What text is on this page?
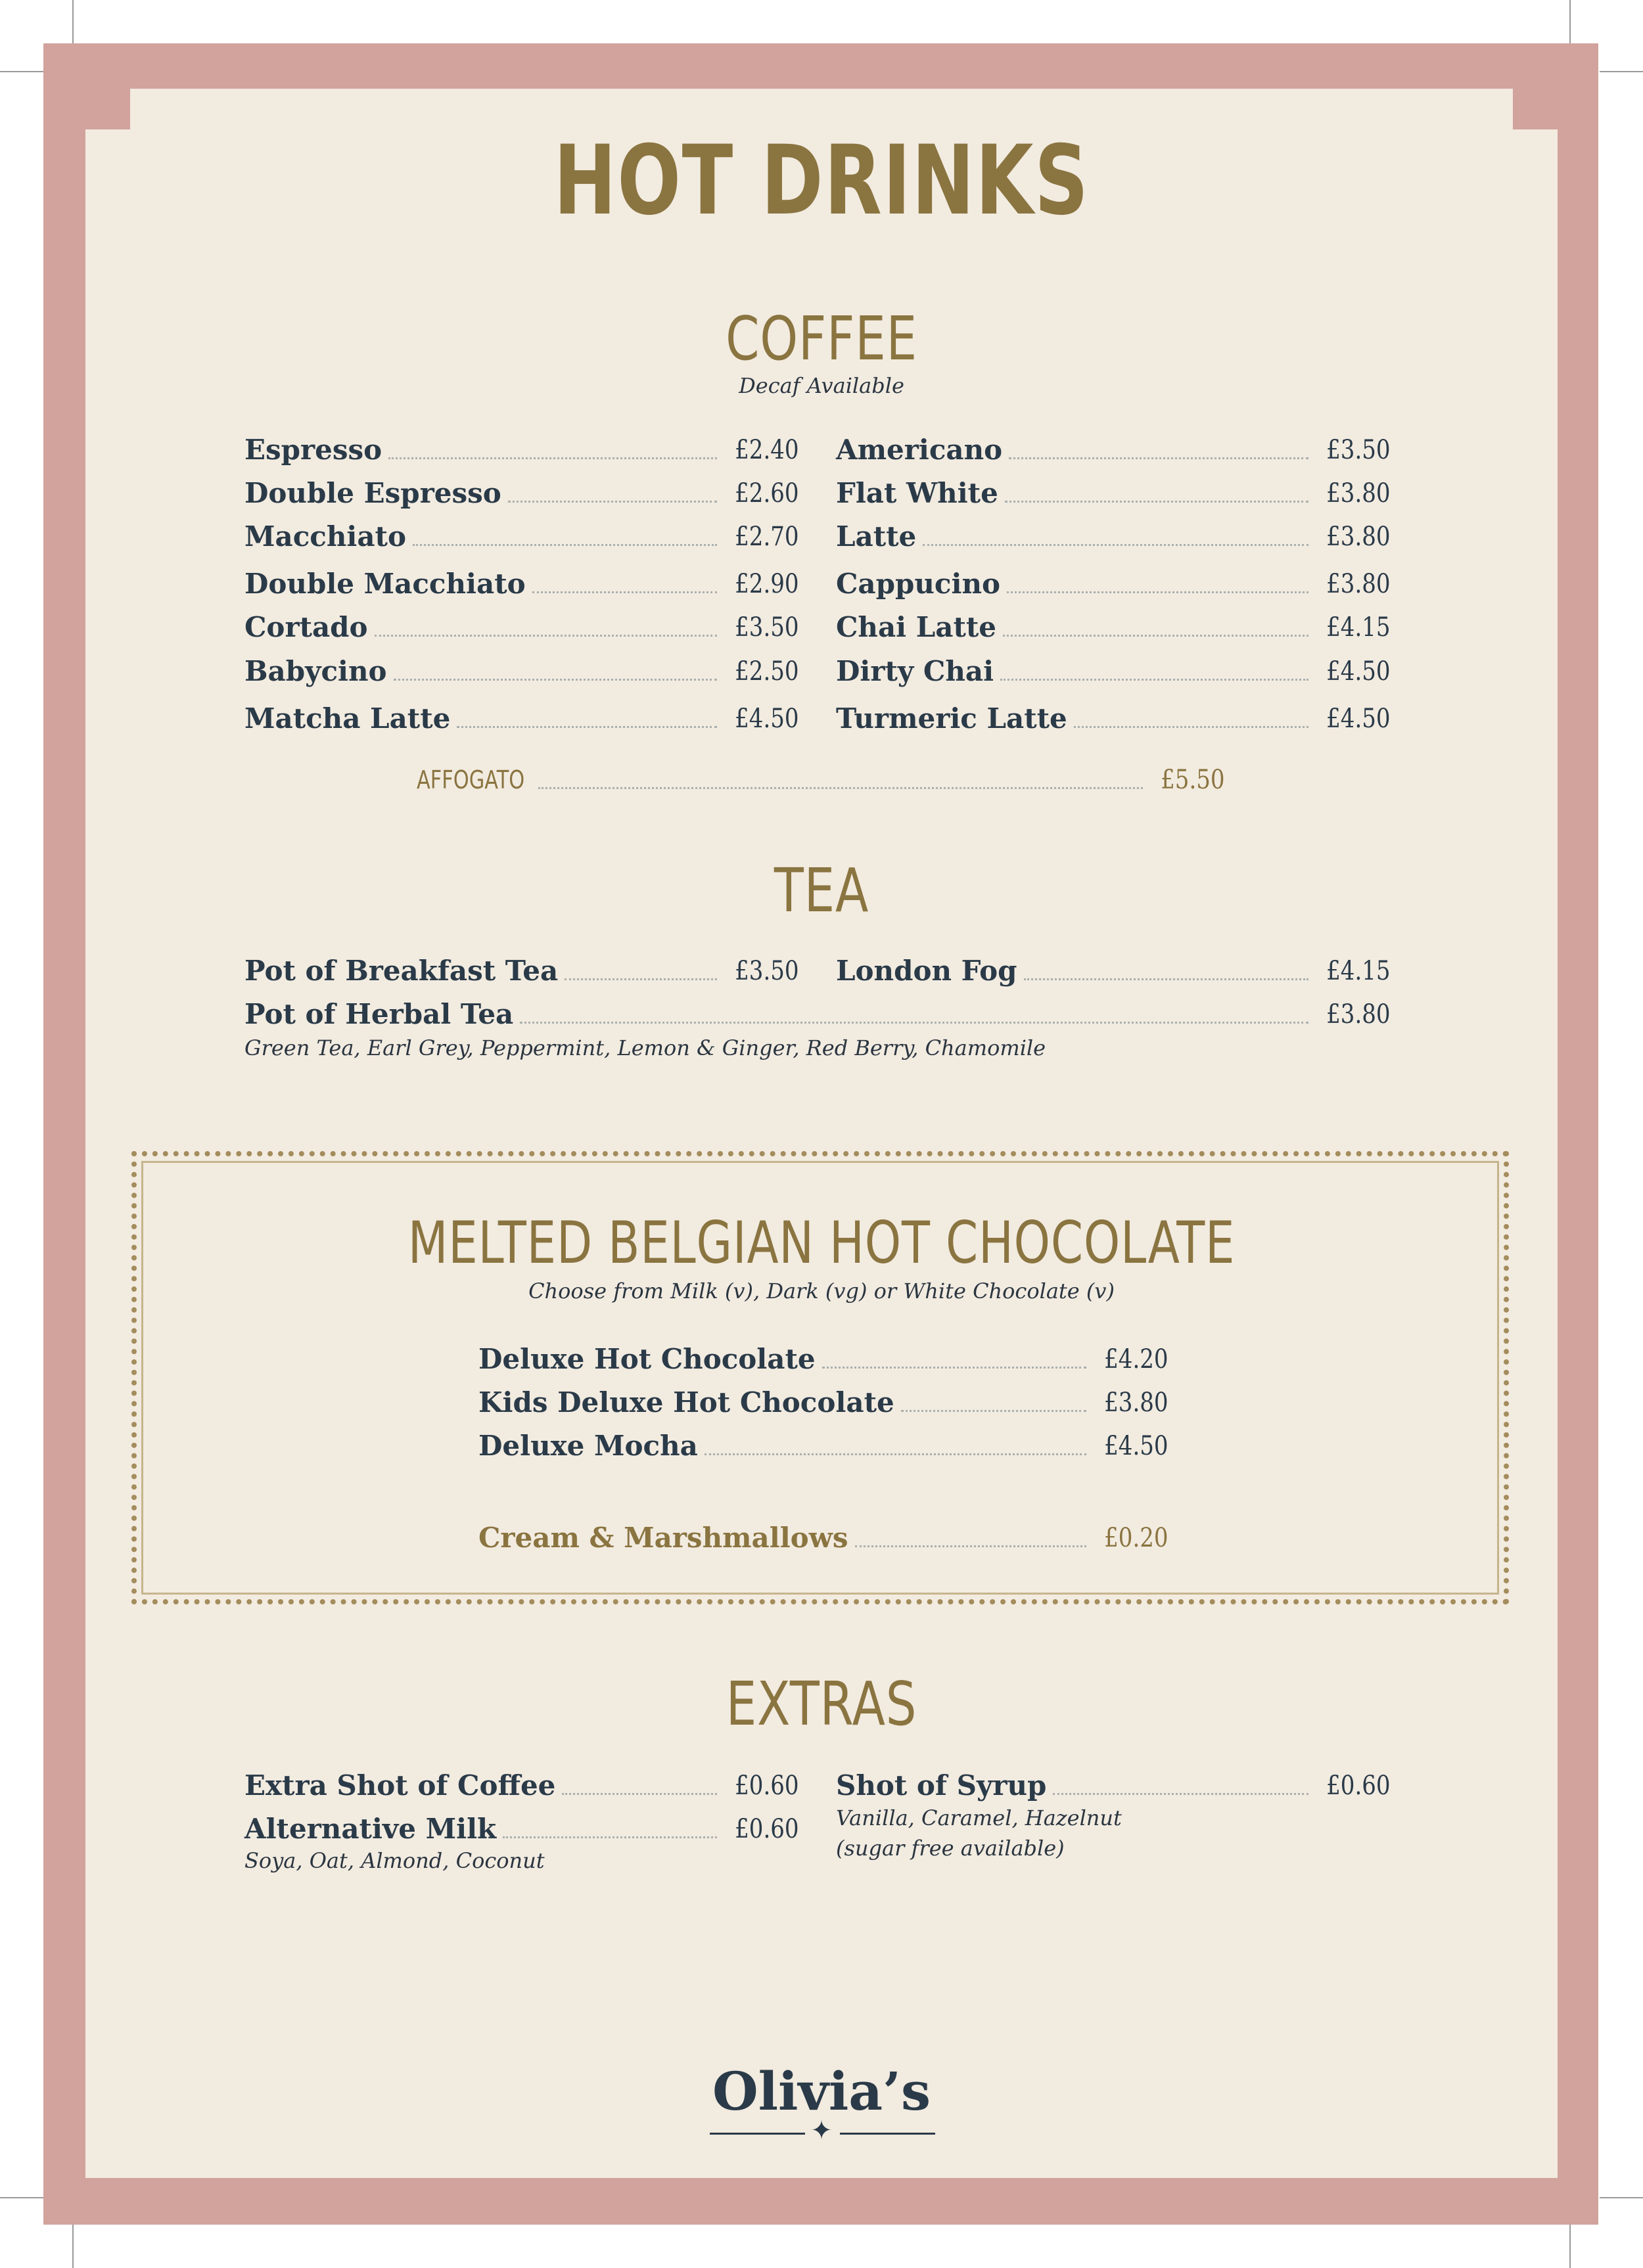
HOT DRINKS
COFFEE
Decaf Available
Espresso	£2.40
Double Espresso	£2.60
Macchiato	£2.70
Double Macchiato	£2.90
Cortado	£3.50
Babycino	£2.50
Matcha Latte	£4.50
Americano	£3.50
Flat White	£3.80
Latte	£3.80
Cappucino	£3.80
Chai Latte	£4.15
Dirty Chai	£4.50
Turmeric Latte	£4.50
AFFOGATO	£5.50
TEA
Pot of Breakfast Tea	£3.50 London Fog	£4.15
Pot of Herbal Tea	£3.80
Green Tea, Earl Grey, Peppermint, Lemon & Ginger, Red Berry, Chamomile
MELTED BELGIAN HOT CHOCOLATE
Choose from Milk (v), Dark (vg) or White Chocolate (v)
Deluxe Hot Chocolate	£4.20
Kids Deluxe Hot Chocolate	£3.80
Deluxe Mocha	£4.50
Cream & Marshmallows	£0.20
EXTRAS
Extra Shot of Coffee	£0.60
Alternative Milk	£0.60
Soya, Oat, Almond, Coconut
Shot of Syrup	£0.60
Vanilla, Caramel, Hazelnut
(sugar free available)
Olivia’s
✦
